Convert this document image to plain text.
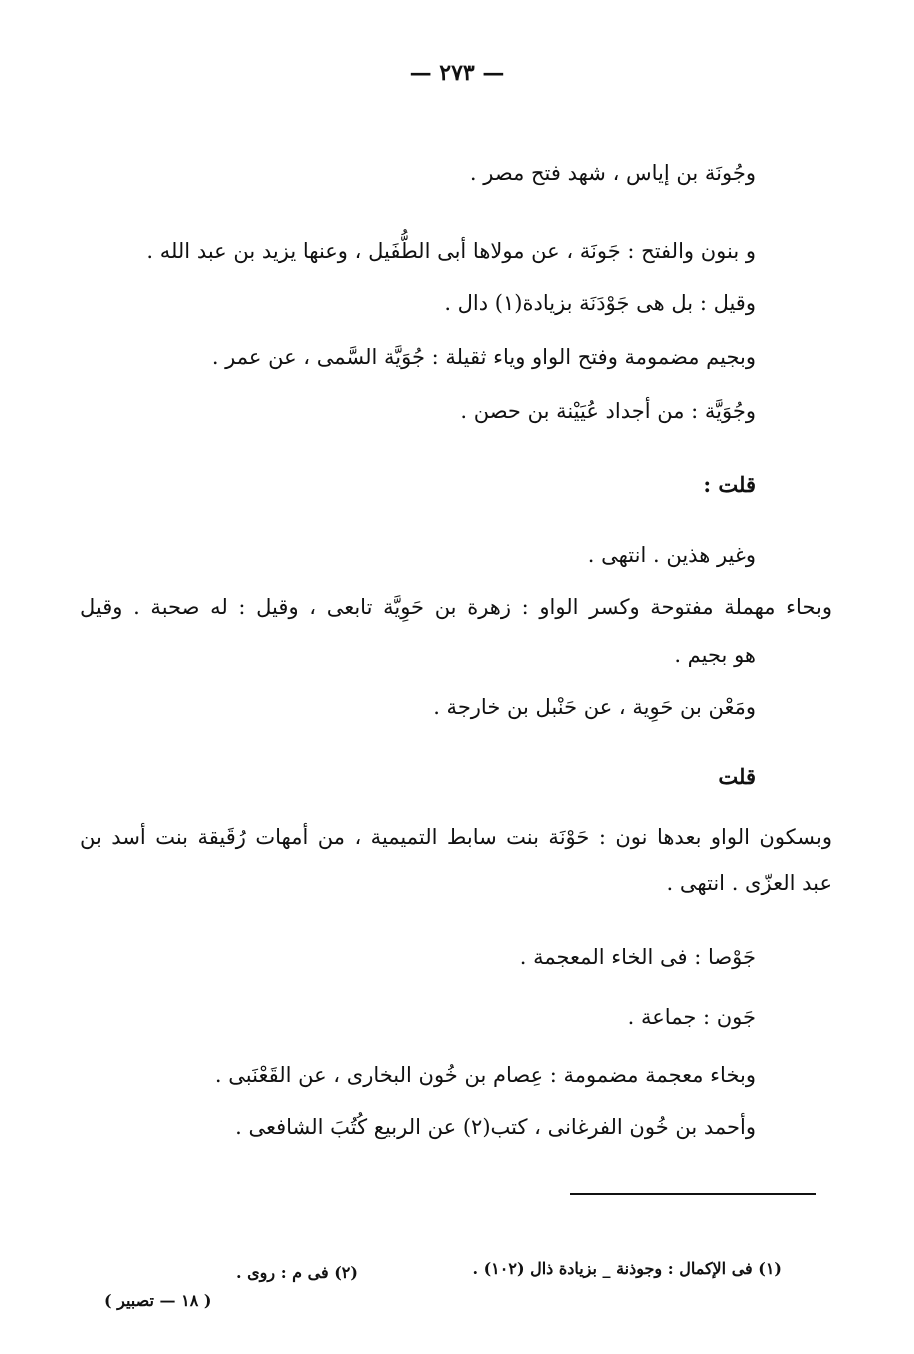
— ٢٧٣ —
وجُونَة بن إياس ، شهد فتح مصر .
و بنون والفتح : جَونَة ، عن مولاها أبى الطُّفَيل ، وعنها يزيد بن عبد الله .
وقيل : بل هى جَوْدَنَة بزيادة(١) دال .
وبجيم مضمومة وفتح الواو وياء ثقيلة : جُوَيَّة السَّمى ، عن عمر .
وجُوَيَّة : من أجداد عُيَيْنة بن حصن .
قلت :
وغير هذين . انتهى .
وبحاء مهملة مفتوحة وكسر الواو : زهرة بن حَوِيَّة تابعى ، وقيل : له صحبة . وقيل
هو بجيم .
ومَعْن بن حَوِية ، عن حَنْبل بن خارجة .
قلت
وبسكون الواو بعدها نون : حَوْنَة بنت سابط التميمية ، من أمهات رُقَيقة بنت أسد بن
عبد العزّى . انتهى .
جَوْصا : فى الخاء المعجمة .
جَون : جماعة .
وبخاء معجمة مضمومة : عِصام بن خُون البخارى ، عن القَعْنَبى .
وأحمد بن خُون الفرغانى ، كتب(٢) عن الربيع كُتُبَ الشافعى .
(١) فى الإكمال : وجوذنة _ بزيادة ذال (١٠٢) .
(٢) فى م : روى .
( ١٨ — تصبير )
